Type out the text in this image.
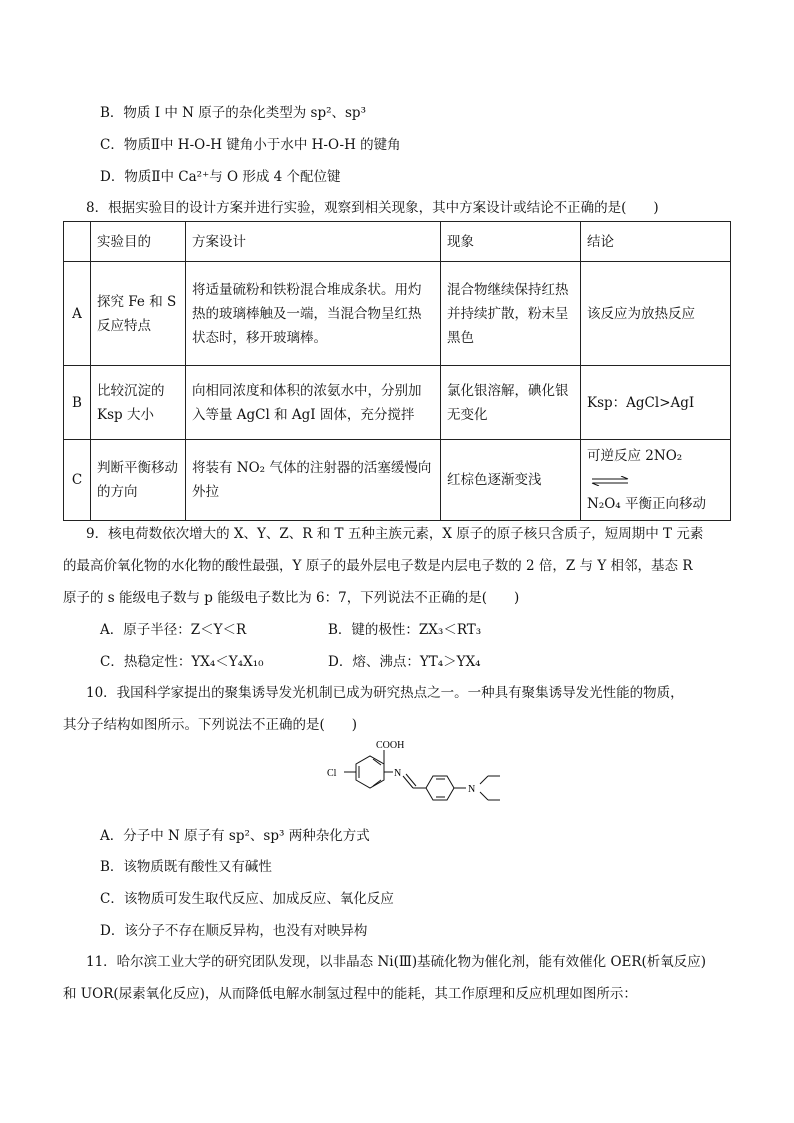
B．物质 I 中 N 原子的杂化类型为 sp²、sp³
C．物质Ⅱ中 H-O-H 键角小于水中 H-O-H 的键角
D．物质Ⅱ中 Ca²⁺与 O 形成 4 个配位键
8．根据实验目的设计方案并进行实验，观察到相关现象，其中方案设计或结论不正确的是(　　)
	实验目的	方案设计	现象	结论
A	探究 Fe 和 S 反应特点	将适量硫粉和铁粉混合堆成条状。用灼热的玻璃棒触及一端，当混合物呈红热状态时，移开玻璃棒。	混合物继续保持红热并持续扩散，粉末呈黑色	该反应为放热反应
B	比较沉淀的 Ksp 大小	向相同浓度和体积的浓氨水中，分别加入等量 AgCl 和 AgI 固体，充分搅拌	氯化银溶解，碘化银无变化	Ksp：AgCl>AgI
C	判断平衡移动的方向	将装有 NO₂ 气体的注射器的活塞缓慢向外拉	红棕色逐渐变浅	可逆反应 2NO₂
N₂O₄ 平衡正向移动
9．核电荷数依次增大的 X、Y、Z、R 和 T 五种主族元素，X 原子的原子核只含质子，短周期中 T 元素
的最高价氧化物的水化物的酸性最强，Y 原子的最外层电子数是内层电子数的 2 倍，Z 与 Y 相邻，基态 R
原子的 s 能级电子数与 p 能级电子数比为 6：7，下列说法不正确的是(　　)
A．原子半径：Z＜Y＜R	B．键的极性：ZX₃＜RT₃
C．热稳定性：YX₄＜Y₄X₁₀	D．熔、沸点：YT₄＞YX₄
10．我国科学家提出的聚集诱导发光机制已成为研究热点之一。一种具有聚集诱导发光性能的物质，
其分子结构如图所示。下列说法不正确的是(　　)
COOH
Cl	N
N
A．分子中 N 原子有 sp²、sp³ 两种杂化方式
B．该物质既有酸性又有碱性
C．该物质可发生取代反应、加成反应、氧化反应
D．该分子不存在顺反异构，也没有对映异构
11．哈尔滨工业大学的研究团队发现，以非晶态 Ni(Ⅲ)基硫化物为催化剂，能有效催化 OER(析氧反应)
和 UOR(尿素氧化反应)，从而降低电解水制氢过程中的能耗，其工作原理和反应机理如图所示：
